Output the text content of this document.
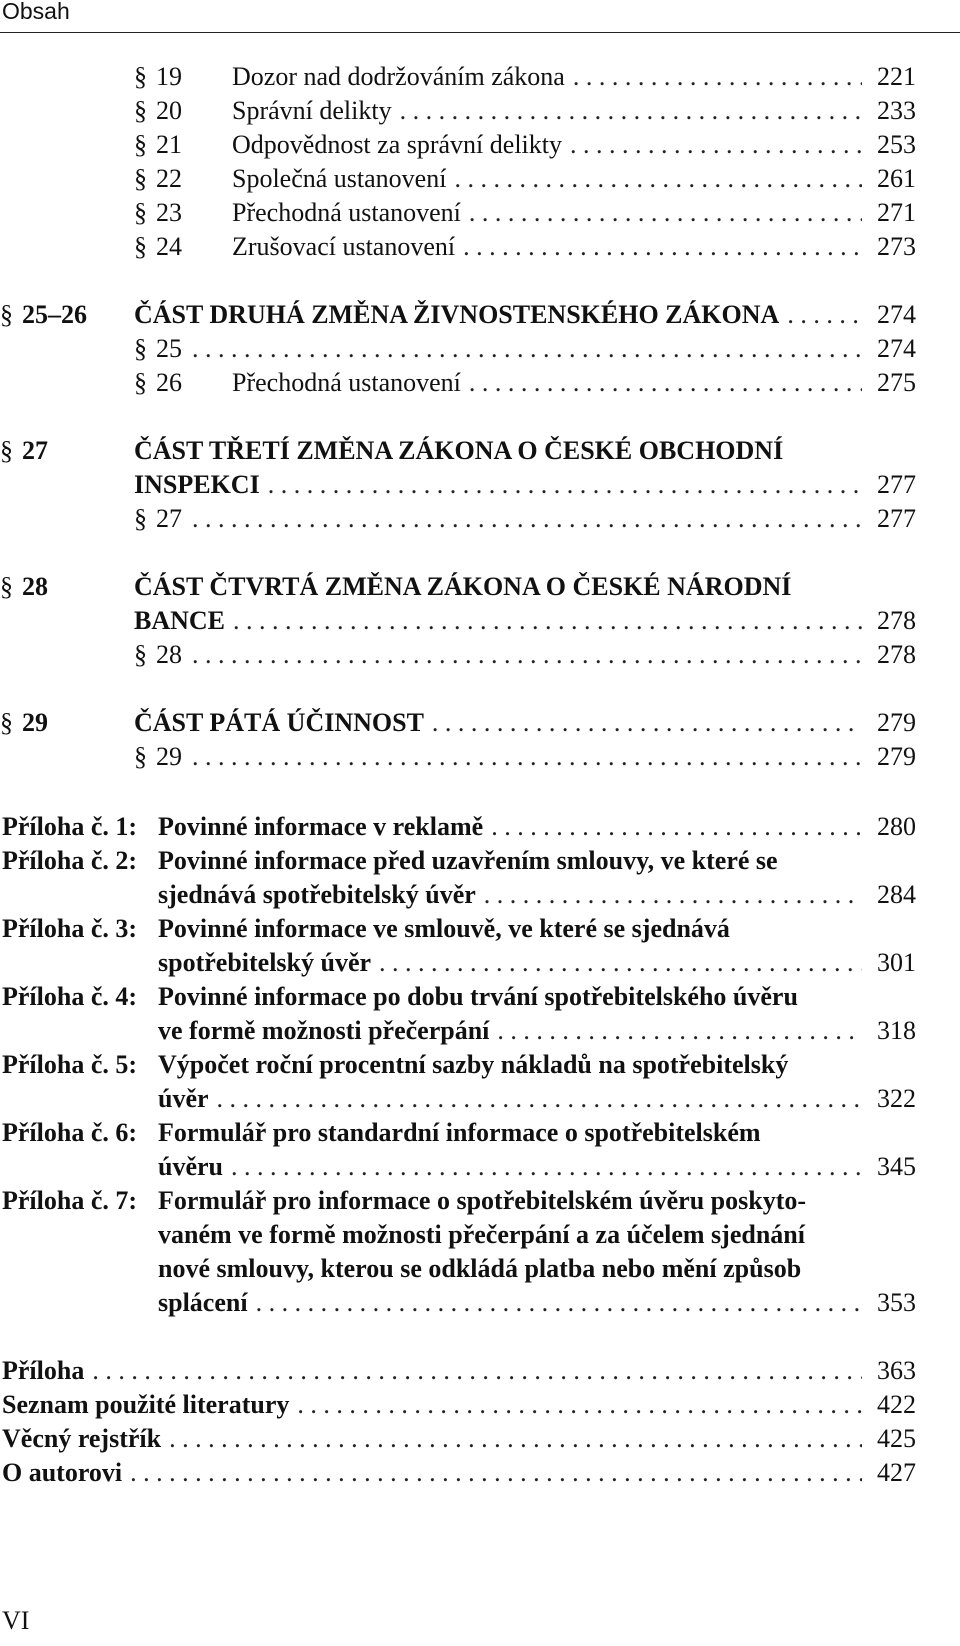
Obsah
§ 19 Dozor nad dodržováním zákona . . .	221
§ 20 Správní delikty . . .	233
§ 21 Odpovědnost za správní delikty . . .	253
§ 22 Společná ustanovení . . .	261
§ 23 Přechodná ustanovení . . .	271
§ 24 Zrušovací ustanovení . . .	273
§ 25–26 ČÁST DRUHÁ ZMĚNA ŽIVNOSTENSKÉHO ZÁKONA . . .	274
§ 25 . . .	274
§ 26 Přechodná ustanovení . . .	275
§ 27	ČÁST TŘETÍ ZMĚNA ZÁKONA O ČESKÉ OBCHODNÍ
INSPEKCI . . .	277
§ 27 . . .	277
§ 28	ČÁST ČTVRTÁ ZMĚNA ZÁKONA O ČESKÉ NÁRODNÍ
BANCE . . .	278
§ 28 . . .	278
§ 29	ČÁST PÁTÁ ÚČINNOST . . .	279
§ 29 . . .	279
Příloha č. 1: Povinné informace v reklamě . . .	280
Příloha č. 2: Povinné informace před uzavřením smlouvy, ve které se
sjednává spotřebitelský úvěr . . .	284
Příloha č. 3: Povinné informace ve smlouvě, ve které se sjednává
spotřebitelský úvěr . . .	301
Příloha č. 4: Povinné informace po dobu trvání spotřebitelského úvěru
ve formě možnosti přečerpání . . .	318
Příloha č. 5: Výpočet roční procentní sazby nákladů na spotřebitelský
úvěr . . .	322
Příloha č. 6: Formulář pro standardní informace o spotřebitelském
úvěru . . .	345
Příloha č. 7: Formulář pro informace o spotřebitelském úvěru poskyto-
vaném ve formě možnosti přečerpání a za účelem sjednání
nové smlouvy, kterou se odkládá platba nebo mění způsob
splácení . . .	353
Příloha . . .	363
Seznam použité literatury . . .	422
Věcný rejstřík . . .	425
O autorovi . . .	427
VI
